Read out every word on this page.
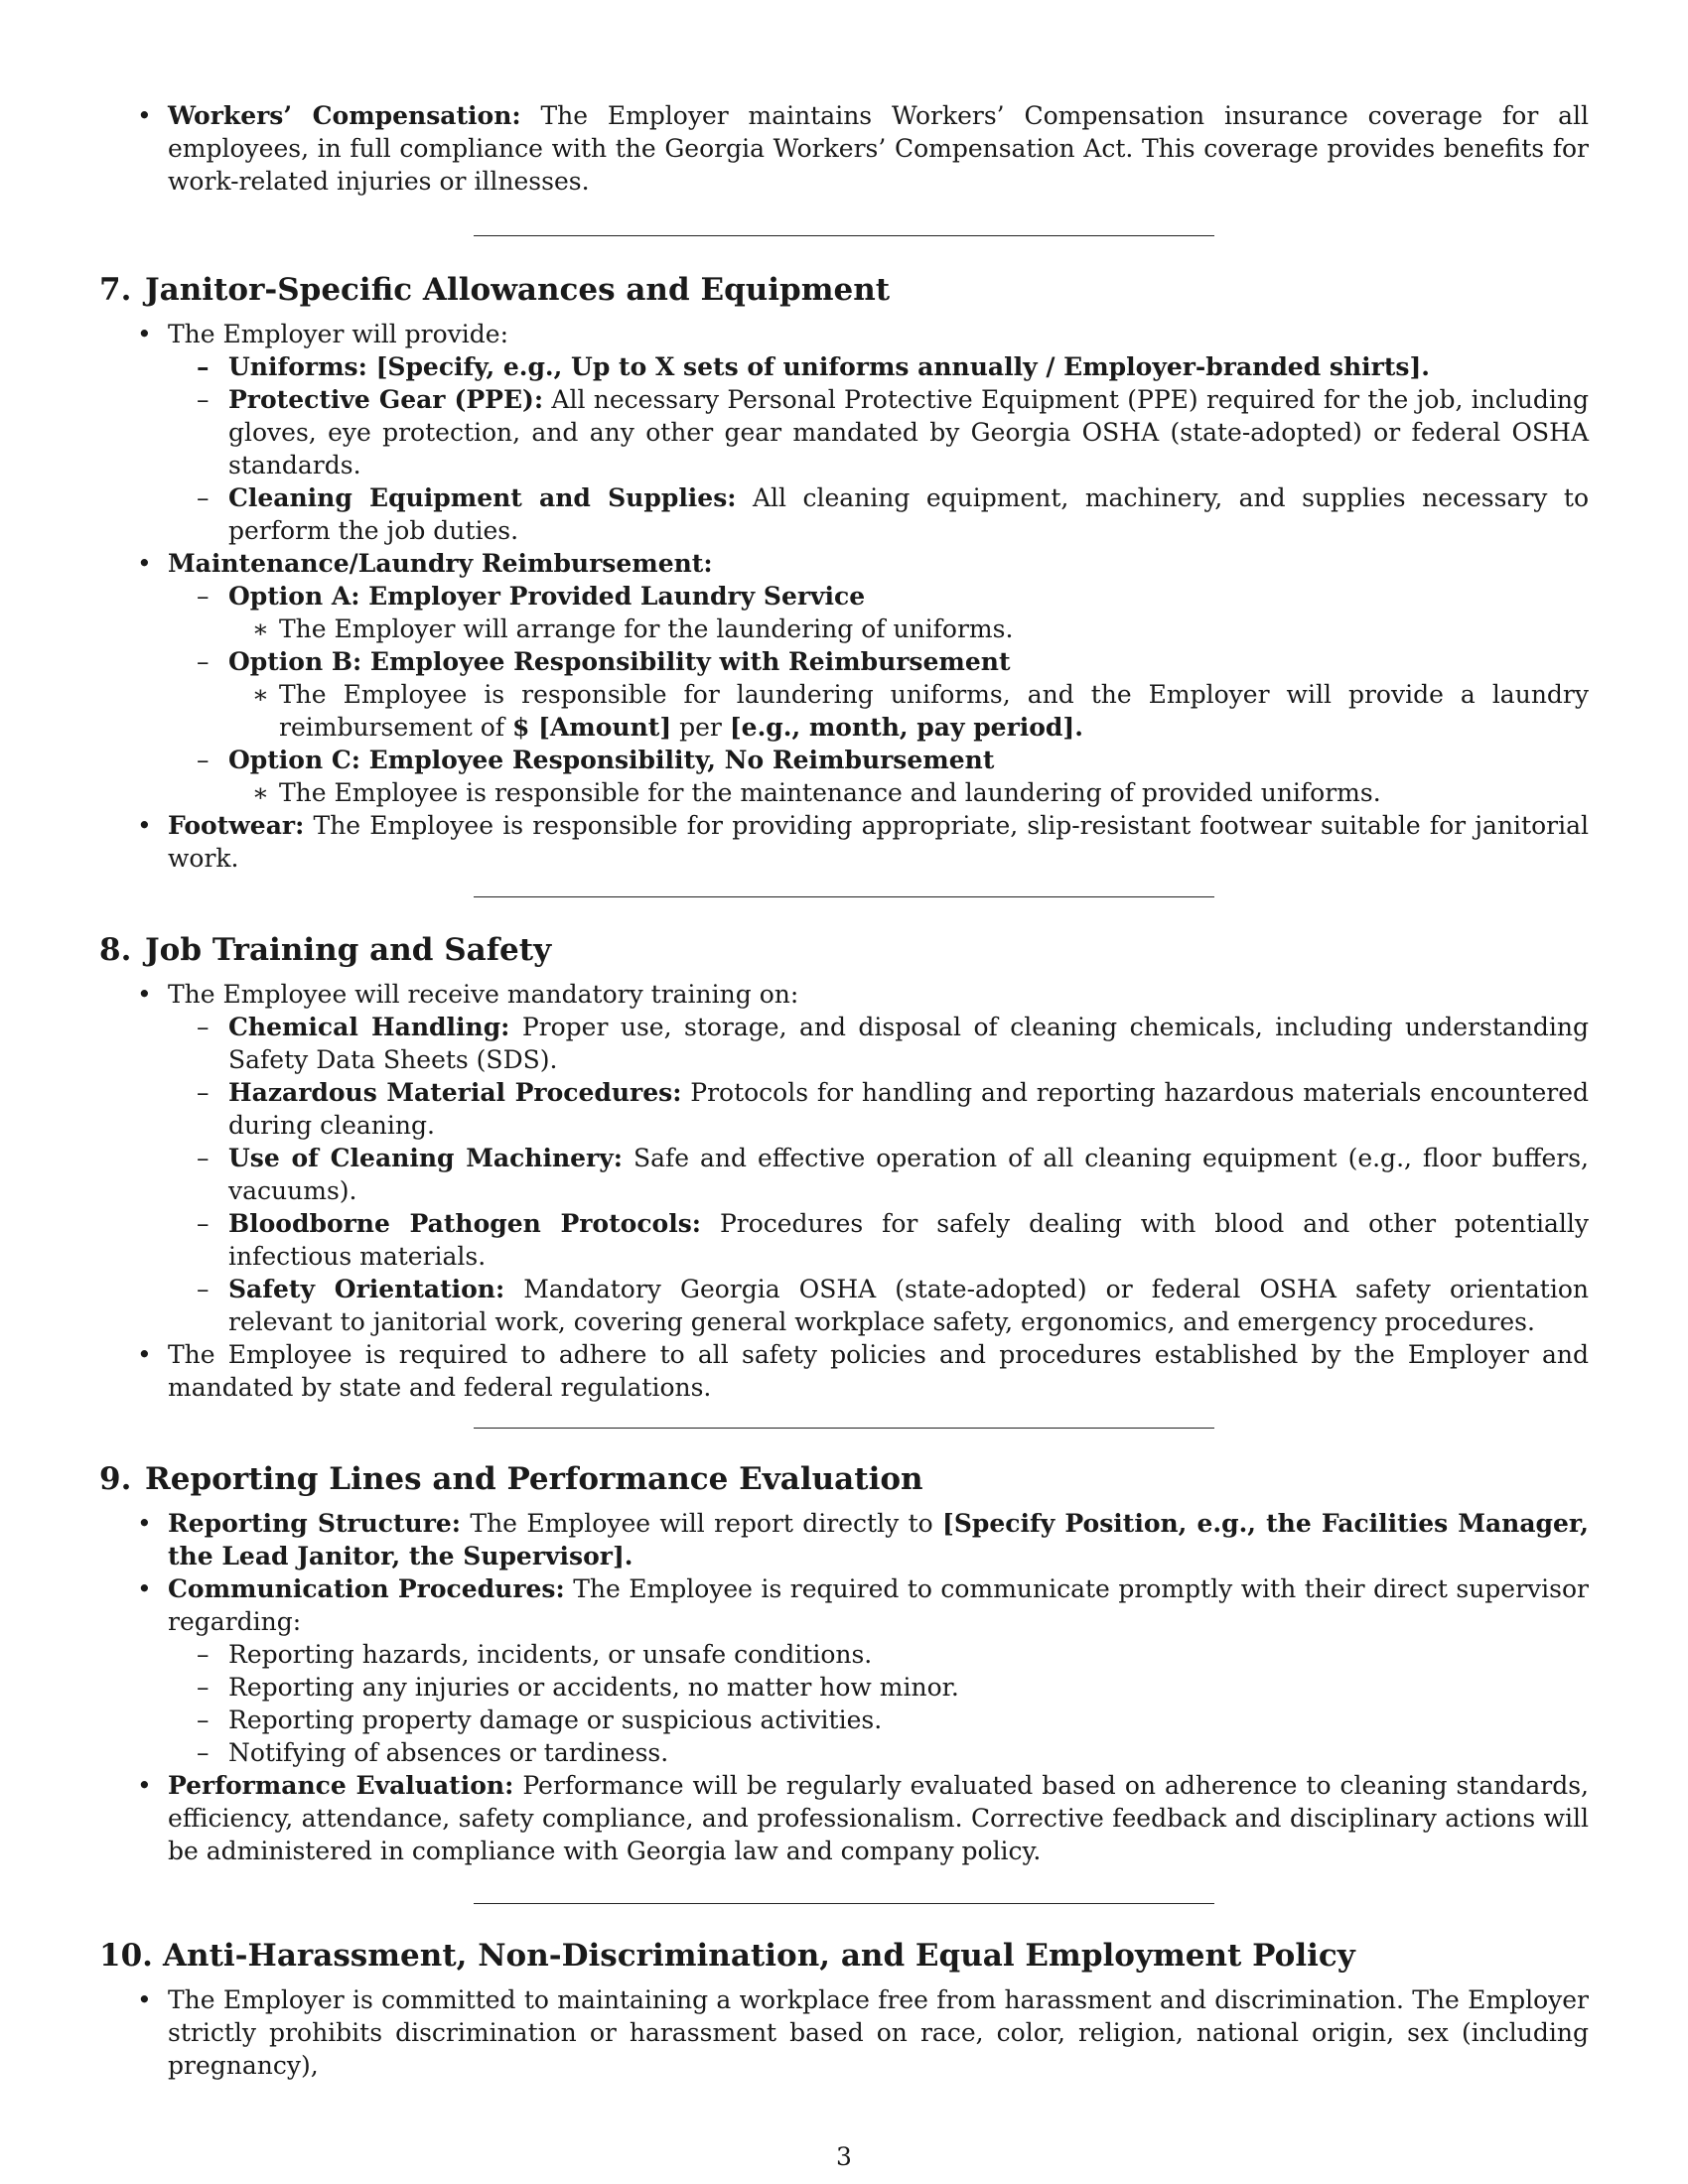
• Workers’ Compensation: The Employer maintains Workers’ Compensation insurance coverage for all employees, in full compliance with the Georgia Workers’ Compensation Act. This coverage provides benefits for work-related injuries or illnesses.
7. Janitor-Specific Allowances and Equipment
• The Employer will provide:
– Uniforms: [Specify, e.g., Up to X sets of uniforms annually / Employer-branded shirts].
– Protective Gear (PPE): All necessary Personal Protective Equipment (PPE) required for the job, including gloves, eye protection, and any other gear mandated by Georgia OSHA (state-adopted) or federal OSHA standards.
– Cleaning Equipment and Supplies: All cleaning equipment, machinery, and supplies necessary to perform the job duties.
• Maintenance/Laundry Reimbursement:
– Option A: Employer Provided Laundry Service
∗ The Employer will arrange for the laundering of uniforms.
– Option B: Employee Responsibility with Reimbursement
∗ The Employee is responsible for laundering uniforms, and the Employer will provide a laundry reimbursement of $ [Amount] per [e.g., month, pay period].
– Option C: Employee Responsibility, No Reimbursement
∗ The Employee is responsible for the maintenance and laundering of provided uniforms.
• Footwear: The Employee is responsible for providing appropriate, slip-resistant footwear suitable for janitorial work.
8. Job Training and Safety
• The Employee will receive mandatory training on:
– Chemical Handling: Proper use, storage, and disposal of cleaning chemicals, including understanding Safety Data Sheets (SDS).
– Hazardous Material Procedures: Protocols for handling and reporting hazardous materials encountered during cleaning.
– Use of Cleaning Machinery: Safe and effective operation of all cleaning equipment (e.g., floor buffers, vacuums).
– Bloodborne Pathogen Protocols: Procedures for safely dealing with blood and other potentially infectious materials.
– Safety Orientation: Mandatory Georgia OSHA (state-adopted) or federal OSHA safety orientation relevant to janitorial work, covering general workplace safety, ergonomics, and emergency procedures.
• The Employee is required to adhere to all safety policies and procedures established by the Employer and mandated by state and federal regulations.
9. Reporting Lines and Performance Evaluation
• Reporting Structure: The Employee will report directly to [Specify Position, e.g., the Facilities Manager, the Lead Janitor, the Supervisor].
• Communication Procedures: The Employee is required to communicate promptly with their direct supervisor regarding:
– Reporting hazards, incidents, or unsafe conditions.
– Reporting any injuries or accidents, no matter how minor.
– Reporting property damage or suspicious activities.
– Notifying of absences or tardiness.
• Performance Evaluation: Performance will be regularly evaluated based on adherence to cleaning standards, efficiency, attendance, safety compliance, and professionalism. Corrective feedback and disciplinary actions will be administered in compliance with Georgia law and company policy.
10. Anti-Harassment, Non-Discrimination, and Equal Employment Policy
• The Employer is committed to maintaining a workplace free from harassment and discrimination. The Employer strictly prohibits discrimination or harassment based on race, color, religion, national origin, sex (including pregnancy),
3
